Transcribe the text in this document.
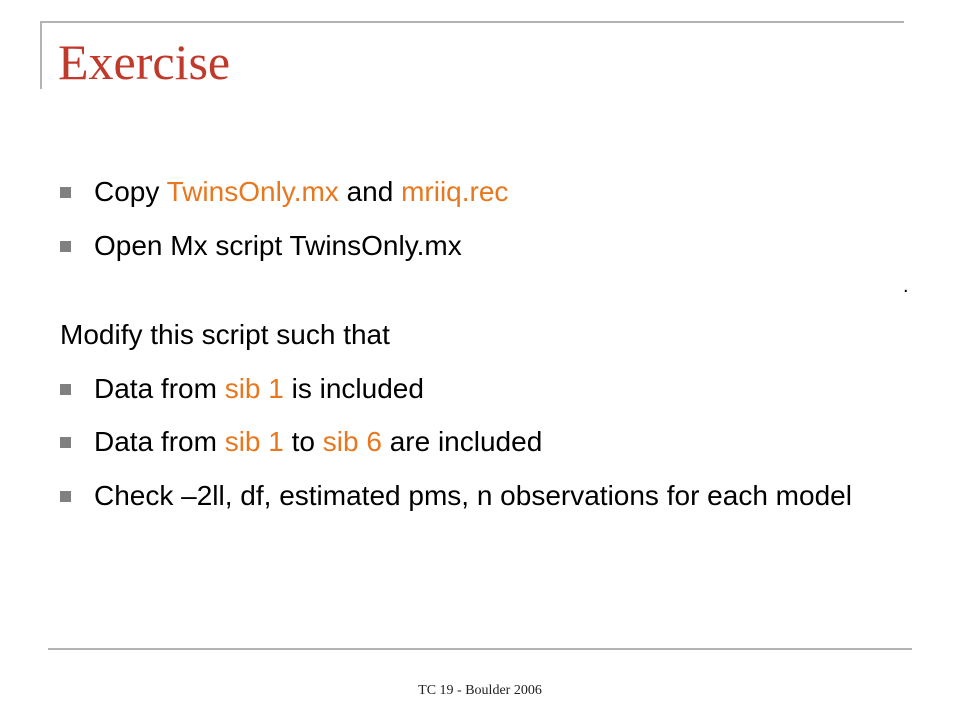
Exercise
Copy TwinsOnly.mx and mriiq.rec
Open Mx script TwinsOnly.mx
Modify this script such that
Data from sib 1 is included
Data from sib 1 to sib 6 are included
Check –2ll, df, estimated pms, n observations for each model
.
TC 19 - Boulder 2006
